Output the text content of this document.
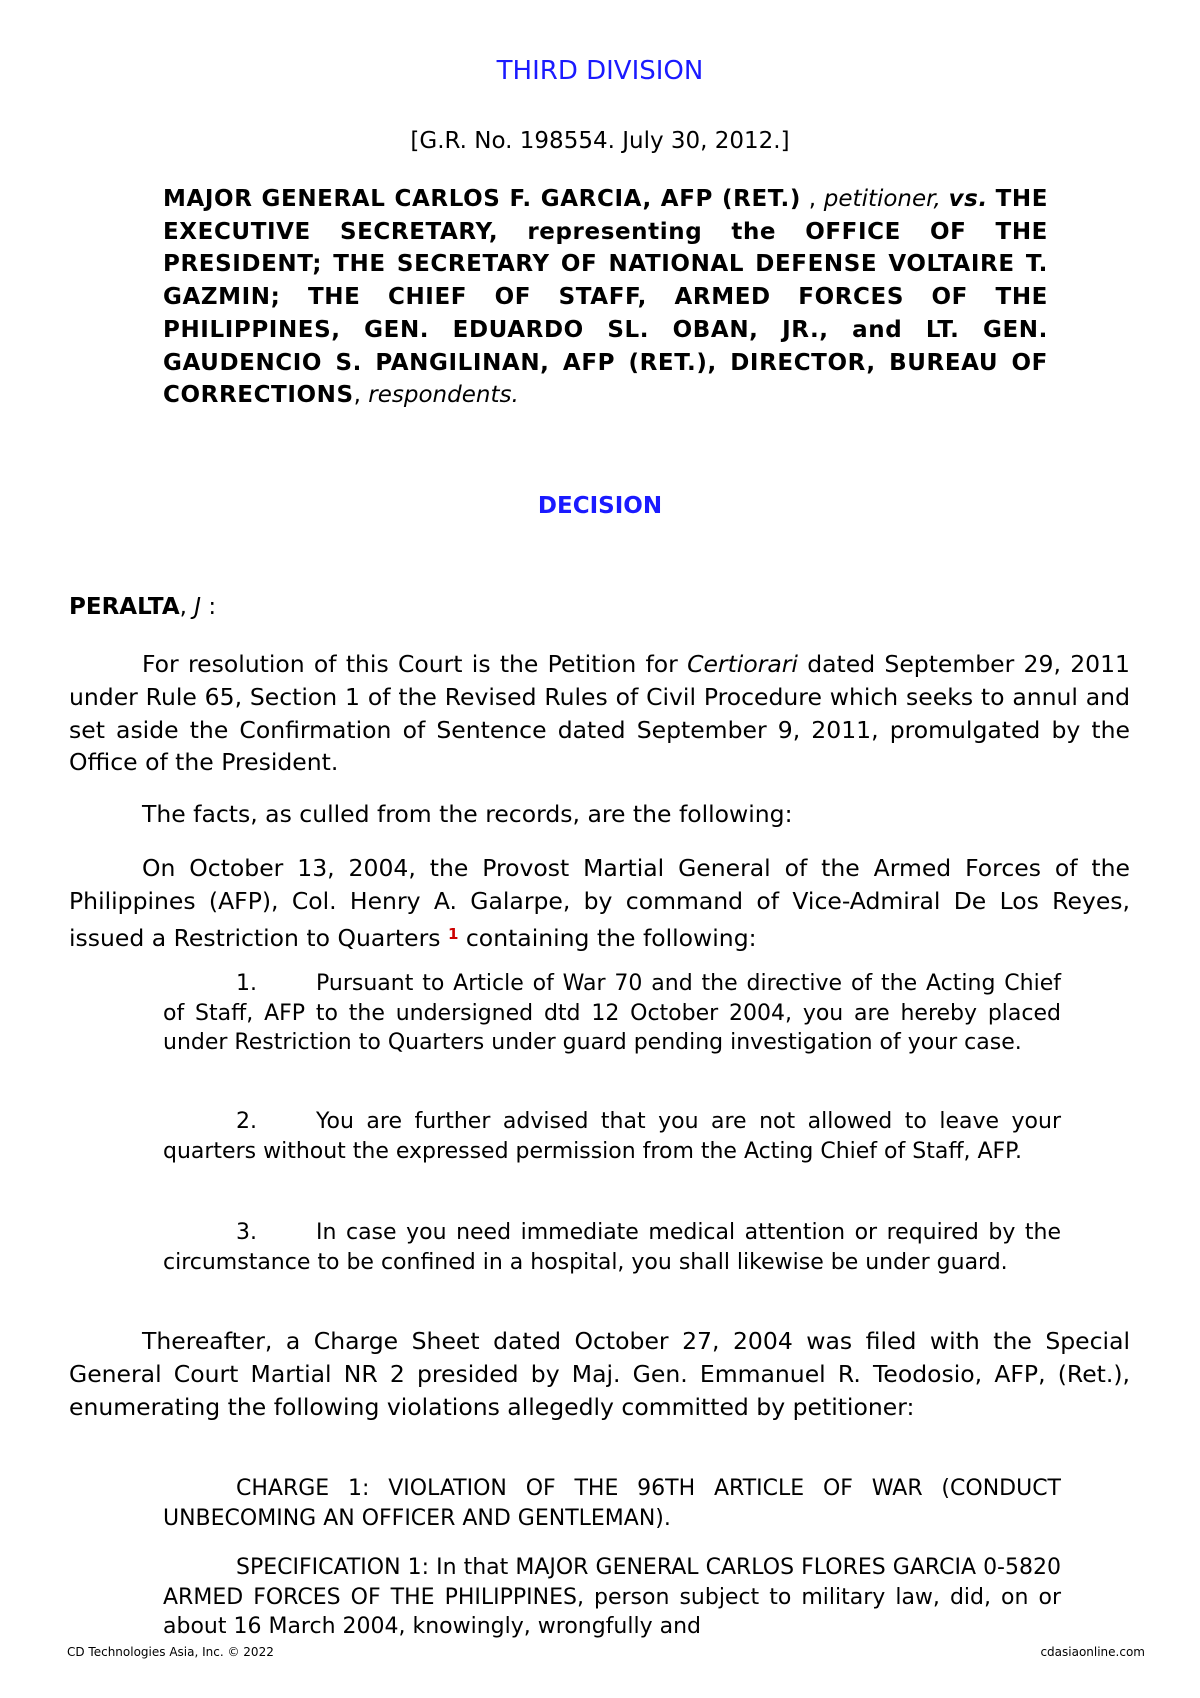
THIRD DIVISION
[G.R. No. 198554. July 30, 2012.]
MAJOR GENERAL CARLOS F. GARCIA, AFP (RET.) , petitioner, vs. THE EXECUTIVE SECRETARY, representing the OFFICE OF THE PRESIDENT; THE SECRETARY OF NATIONAL DEFENSE VOLTAIRE T. GAZMIN; THE CHIEF OF STAFF, ARMED FORCES OF THE PHILIPPINES, GEN. EDUARDO SL. OBAN, JR., and LT. GEN. GAUDENCIO S. PANGILINAN, AFP (RET.), DIRECTOR, BUREAU OF CORRECTIONS, respondents.
DECISION
PERALTA, J :

For resolution of this Court is the Petition for Certiorari dated September 29, 2011 under Rule 65, Section 1 of the Revised Rules of Civil Procedure which seeks to annul and set aside the Confirmation of Sentence dated September 9, 2011, promulgated by the Office of the President.

The facts, as culled from the records, are the following:

On October 13, 2004, the Provost Martial General of the Armed Forces of the Philippines (AFP), Col. Henry A. Galarpe, by command of Vice-Admiral De Los Reyes, issued a Restriction to Quarters $^1$ containing the following:

1.	Pursuant to Article of War 70 and the directive of the Acting Chief of Staff, AFP to the undersigned dtd 12 October 2004, you are hereby placed under Restriction to Quarters under guard pending investigation of your case.
2.	You are further advised that you are not allowed to leave your quarters without the expressed permission from the Acting Chief of Staff, AFP.
3.	In case you need immediate medical attention or required by the circumstance to be confined in a hospital, you shall likewise be under guard.

Thereafter, a Charge Sheet dated October 27, 2004 was filed with the Special General Court Martial NR 2 presided by Maj. Gen. Emmanuel R. Teodosio, AFP, (Ret.), enumerating the following violations allegedly committed by petitioner:

CHARGE 1: VIOLATION OF THE 96TH ARTICLE OF WAR (CONDUCT UNBECOMING AN OFFICER AND GENTLEMAN).
SPECIFICATION 1: In that MAJOR GENERAL CARLOS FLORES GARCIA 0-5820 ARMED FORCES OF THE PHILIPPINES, person subject to military law, did, on or about 16 March 2004, knowingly, wrongfully and
CD Technologies Asia, Inc. © 2022	cdasiaonline.com
